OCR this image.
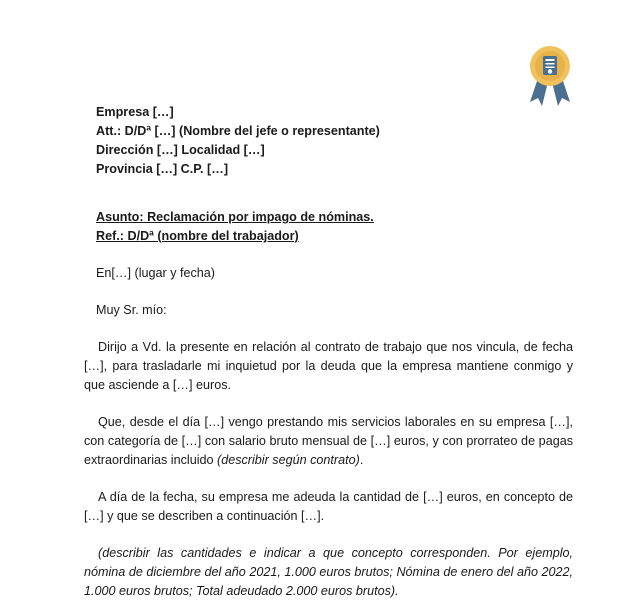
Empresa […]

Att.: D/Dª […] (Nombre del jefe o representante)

Dirección […] Localidad […]

Provincia […] C.P. […]

Asunto: Reclamación por impago de nóminas.

Ref.: D/Dª (nombre del trabajador)

En[…] (lugar y fecha)

Muy Sr. mío:

Dirijo a Vd. la presente en relación al contrato de trabajo que nos vincula, de fecha […], para trasladarle mi inquietud por la deuda que la empresa mantiene conmigo y que asciende a […] euros.

Que, desde el día […] vengo prestando mis servicios laborales en su empresa […], con categoría de […] con salario bruto mensual de […] euros, y con prorrateo de pagas extraordinarias incluido (describir según contrato).

A día de la fecha, su empresa me adeuda la cantidad de […] euros, en concepto de […] y que se describen a continuación […].

(describir las cantidades e indicar a que concepto corresponden. Por ejemplo, nómina de diciembre del año 2021, 1.000 euros brutos; Nómina de enero del año 2022, 1.000 euros brutos; Total adeudado 2.000 euros brutos).
